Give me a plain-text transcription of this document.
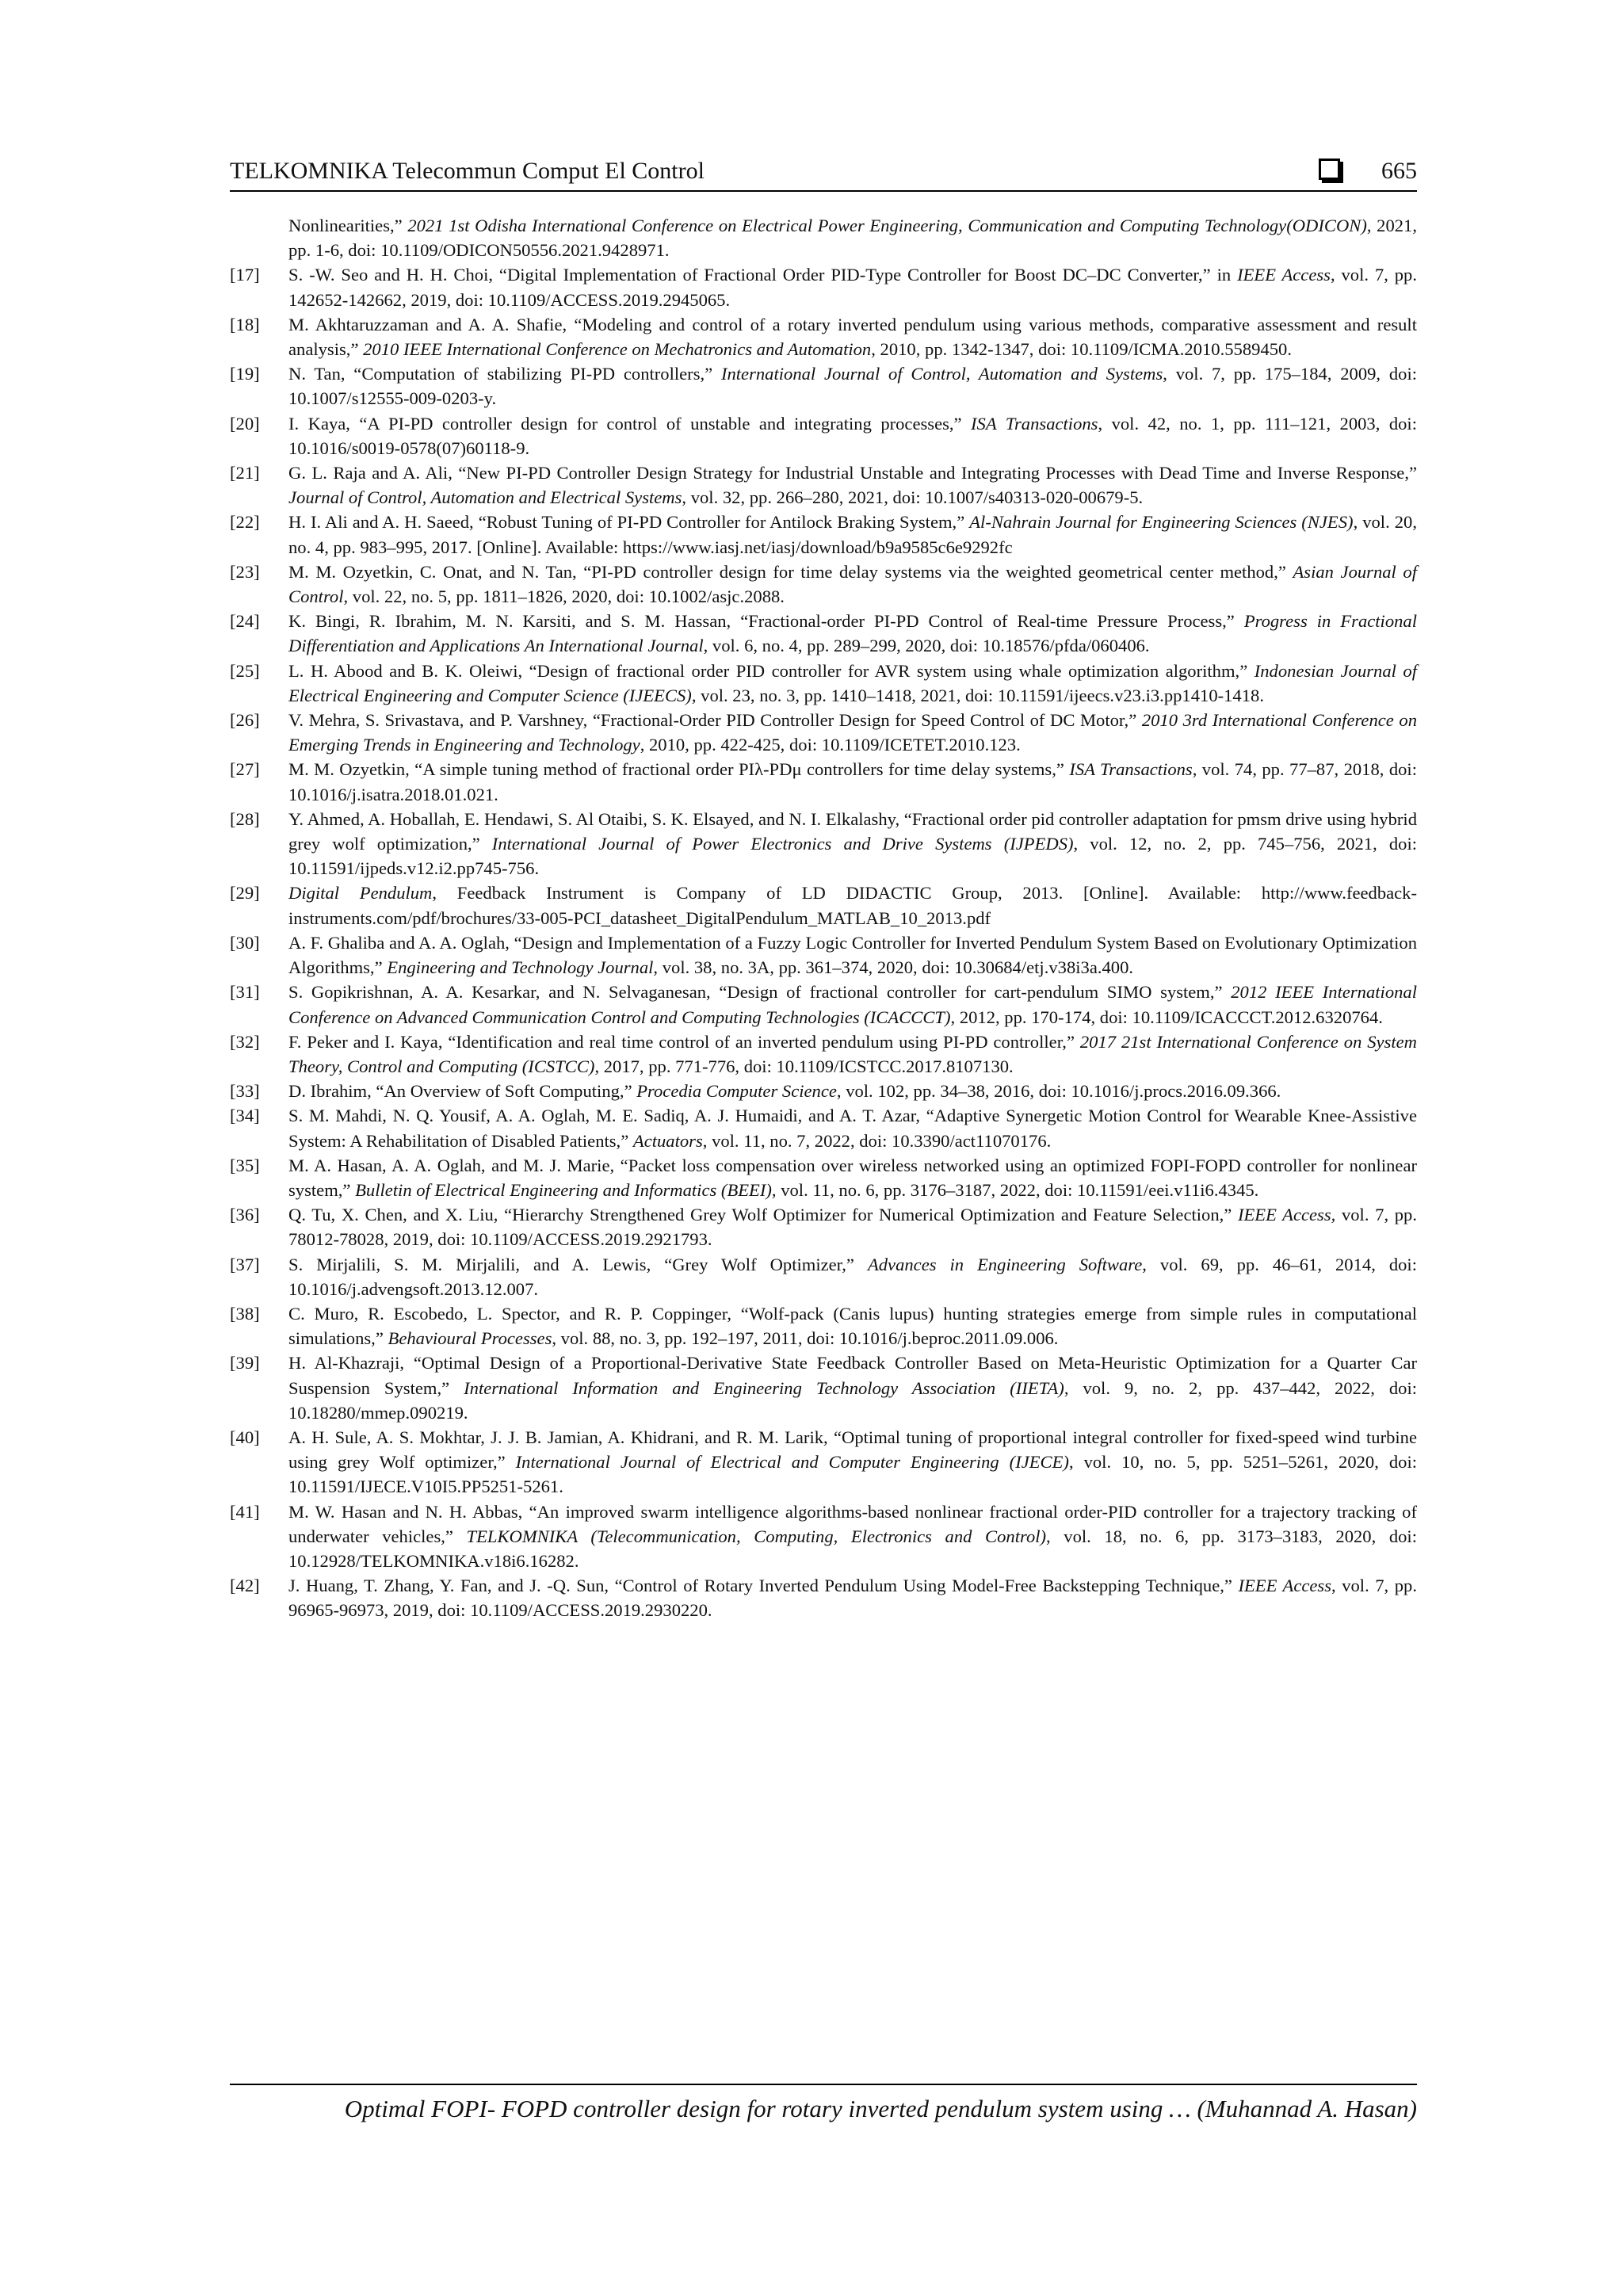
TELKOMNIKA Telecommun Comput El Control	665
Nonlinearities,” 2021 1st Odisha International Conference on Electrical Power Engineering, Communication and Computing Technology(ODICON), 2021, pp. 1-6, doi: 10.1109/ODICON50556.2021.9428971.
[17]	S. -W. Seo and H. H. Choi, “Digital Implementation of Fractional Order PID-Type Controller for Boost DC–DC Converter,” in IEEE Access, vol. 7, pp. 142652-142662, 2019, doi: 10.1109/ACCESS.2019.2945065.
[18]	M. Akhtaruzzaman and A. A. Shafie, “Modeling and control of a rotary inverted pendulum using various methods, comparative assessment and result analysis,” 2010 IEEE International Conference on Mechatronics and Automation, 2010, pp. 1342-1347, doi: 10.1109/ICMA.2010.5589450.
[19]	N. Tan, “Computation of stabilizing PI-PD controllers,” International Journal of Control, Automation and Systems, vol. 7, pp. 175–184, 2009, doi: 10.1007/s12555-009-0203-y.
[20]	I. Kaya, “A PI-PD controller design for control of unstable and integrating processes,” ISA Transactions, vol. 42, no. 1, pp. 111–121, 2003, doi: 10.1016/s0019-0578(07)60118-9.
[21]	G. L. Raja and A. Ali, “New PI-PD Controller Design Strategy for Industrial Unstable and Integrating Processes with Dead Time and Inverse Response,” Journal of Control, Automation and Electrical Systems, vol. 32, pp. 266–280, 2021, doi: 10.1007/s40313-020-00679-5.
[22]	H. I. Ali and A. H. Saeed, “Robust Tuning of PI-PD Controller for Antilock Braking System,” Al-Nahrain Journal for Engineering Sciences (NJES), vol. 20, no. 4, pp. 983–995, 2017. [Online]. Available: https://www.iasj.net/iasj/download/b9a9585c6e9292fc
[23]	M. M. Ozyetkin, C. Onat, and N. Tan, “PI-PD controller design for time delay systems via the weighted geometrical center method,” Asian Journal of Control, vol. 22, no. 5, pp. 1811–1826, 2020, doi: 10.1002/asjc.2088.
[24]	K. Bingi, R. Ibrahim, M. N. Karsiti, and S. M. Hassan, “Fractional-order PI-PD Control of Real-time Pressure Process,” Progress in Fractional Differentiation and Applications An International Journal, vol. 6, no. 4, pp. 289–299, 2020, doi: 10.18576/pfda/060406.
[25]	L. H. Abood and B. K. Oleiwi, “Design of fractional order PID controller for AVR system using whale optimization algorithm,” Indonesian Journal of Electrical Engineering and Computer Science (IJEECS), vol. 23, no. 3, pp. 1410–1418, 2021, doi: 10.11591/ijeecs.v23.i3.pp1410-1418.
[26]	V. Mehra, S. Srivastava, and P. Varshney, “Fractional-Order PID Controller Design for Speed Control of DC Motor,” 2010 3rd International Conference on Emerging Trends in Engineering and Technology, 2010, pp. 422-425, doi: 10.1109/ICETET.2010.123.
[27]	M. M. Ozyetkin, “A simple tuning method of fractional order PIλ-PDμ controllers for time delay systems,” ISA Transactions, vol. 74, pp. 77–87, 2018, doi: 10.1016/j.isatra.2018.01.021.
[28]	Y. Ahmed, A. Hoballah, E. Hendawi, S. Al Otaibi, S. K. Elsayed, and N. I. Elkalashy, “Fractional order pid controller adaptation for pmsm drive using hybrid grey wolf optimization,” International Journal of Power Electronics and Drive Systems (IJPEDS), vol. 12, no. 2, pp. 745–756, 2021, doi: 10.11591/ijpeds.v12.i2.pp745-756.
[29]	Digital Pendulum, Feedback Instrument is Company of LD DIDACTIC Group, 2013. [Online]. Available: http://www.feedback-instruments.com/pdf/brochures/33-005-PCI_datasheet_DigitalPendulum_MATLAB_10_2013.pdf
[30]	A. F. Ghaliba and A. A. Oglah, “Design and Implementation of a Fuzzy Logic Controller for Inverted Pendulum System Based on Evolutionary Optimization Algorithms,” Engineering and Technology Journal, vol. 38, no. 3A, pp. 361–374, 2020, doi: 10.30684/etj.v38i3a.400.
[31]	S. Gopikrishnan, A. A. Kesarkar, and N. Selvaganesan, “Design of fractional controller for cart-pendulum SIMO system,” 2012 IEEE International Conference on Advanced Communication Control and Computing Technologies (ICACCCT), 2012, pp. 170-174, doi: 10.1109/ICACCCT.2012.6320764.
[32]	F. Peker and I. Kaya, “Identification and real time control of an inverted pendulum using PI-PD controller,” 2017 21st International Conference on System Theory, Control and Computing (ICSTCC), 2017, pp. 771-776, doi: 10.1109/ICSTCC.2017.8107130.
[33]	D. Ibrahim, “An Overview of Soft Computing,” Procedia Computer Science, vol. 102, pp. 34–38, 2016, doi: 10.1016/j.procs.2016.09.366.
[34]	S. M. Mahdi, N. Q. Yousif, A. A. Oglah, M. E. Sadiq, A. J. Humaidi, and A. T. Azar, “Adaptive Synergetic Motion Control for Wearable Knee-Assistive System: A Rehabilitation of Disabled Patients,” Actuators, vol. 11, no. 7, 2022, doi: 10.3390/act11070176.
[35]	M. A. Hasan, A. A. Oglah, and M. J. Marie, “Packet loss compensation over wireless networked using an optimized FOPI-FOPD controller for nonlinear system,” Bulletin of Electrical Engineering and Informatics (BEEI), vol. 11, no. 6, pp. 3176–3187, 2022, doi: 10.11591/eei.v11i6.4345.
[36]	Q. Tu, X. Chen, and X. Liu, “Hierarchy Strengthened Grey Wolf Optimizer for Numerical Optimization and Feature Selection,” IEEE Access, vol. 7, pp. 78012-78028, 2019, doi: 10.1109/ACCESS.2019.2921793.
[37]	S. Mirjalili, S. M. Mirjalili, and A. Lewis, “Grey Wolf Optimizer,” Advances in Engineering Software, vol. 69, pp. 46–61, 2014, doi: 10.1016/j.advengsoft.2013.12.007.
[38]	C. Muro, R. Escobedo, L. Spector, and R. P. Coppinger, “Wolf-pack (Canis lupus) hunting strategies emerge from simple rules in computational simulations,” Behavioural Processes, vol. 88, no. 3, pp. 192–197, 2011, doi: 10.1016/j.beproc.2011.09.006.
[39]	H. Al-Khazraji, “Optimal Design of a Proportional-Derivative State Feedback Controller Based on Meta-Heuristic Optimization for a Quarter Car Suspension System,” International Information and Engineering Technology Association (IIETA), vol. 9, no. 2, pp. 437–442, 2022, doi: 10.18280/mmep.090219.
[40]	A. H. Sule, A. S. Mokhtar, J. J. B. Jamian, A. Khidrani, and R. M. Larik, “Optimal tuning of proportional integral controller for fixed-speed wind turbine using grey Wolf optimizer,” International Journal of Electrical and Computer Engineering (IJECE), vol. 10, no. 5, pp. 5251–5261, 2020, doi: 10.11591/IJECE.V10I5.PP5251-5261.
[41]	M. W. Hasan and N. H. Abbas, “An improved swarm intelligence algorithms-based nonlinear fractional order-PID controller for a trajectory tracking of underwater vehicles,” TELKOMNIKA (Telecommunication, Computing, Electronics and Control), vol. 18, no. 6, pp. 3173–3183, 2020, doi: 10.12928/TELKOMNIKA.v18i6.16282.
[42]	J. Huang, T. Zhang, Y. Fan, and J. -Q. Sun, “Control of Rotary Inverted Pendulum Using Model-Free Backstepping Technique,” IEEE Access, vol. 7, pp. 96965-96973, 2019, doi: 10.1109/ACCESS.2019.2930220.
Optimal FOPI- FOPD controller design for rotary inverted pendulum system using … (Muhannad A. Hasan)
